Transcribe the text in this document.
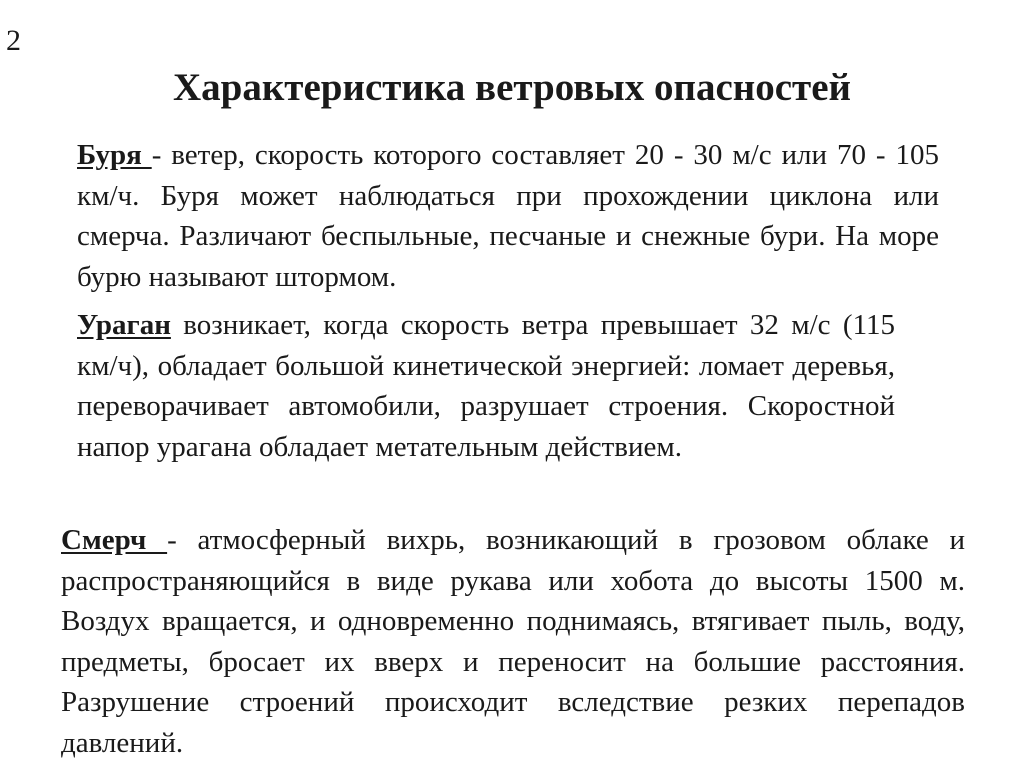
2
Характеристика ветровых опасностей

Буря - ветер, скорость которого составляет 20 - 30 м/с или 70 - 105 км/ч. Буря может наблюдаться при прохождении циклона или смерча. Различают беспыльные, песчаные и снежные бури. На море бурю называют штормом.

Ураган возникает, когда скорость ветра превышает 32 м/с (115 км/ч), обладает большой кинетической энергией: ломает деревья, переворачивает автомобили, разрушает строения. Скоростной напор урагана обладает метательным действием.

Смерч - атмосферный вихрь, возникающий в грозовом облаке и распространяющийся в виде рукава или хобота до высоты 1500 м. Воздух вращается, и одновременно поднимаясь, втягивает пыль, воду, предметы, бросает их вверх и переносит на большие расстояния. Разрушение строений происходит вследствие резких перепадов давлений.
